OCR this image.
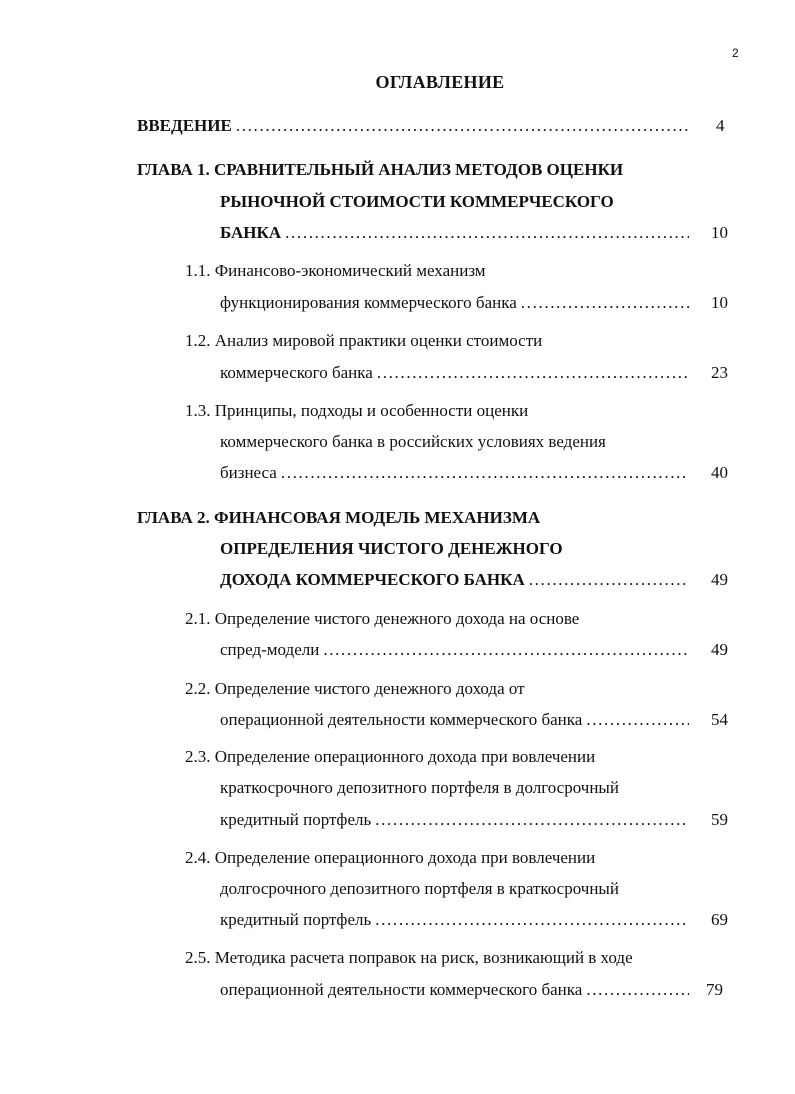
2
ОГЛАВЛЕНИЕ
ВВЕДЕНИЕ . . .	4
ГЛАВА 1. СРАВНИТЕЛЬНЫЙ АНАЛИЗ МЕТОДОВ ОЦЕНКИ
РЫНОЧНОЙ СТОИМОСТИ КОММЕРЧЕСКОГО
БАНКА . . .	10
1.1. Финансово-экономический механизм
функционирования коммерческого банка . . .	10
1.2. Анализ мировой практики оценки стоимости
коммерческого банка . . .	23
1.3. Принципы, подходы и особенности оценки
коммерческого банка в российских условиях ведения
бизнеса . . .	40
ГЛАВА 2. ФИНАНСОВАЯ МОДЕЛЬ МЕХАНИЗМА
ОПРЕДЕЛЕНИЯ ЧИСТОГО ДЕНЕЖНОГО
ДОХОДА КОММЕРЧЕСКОГО БАНКА . . .	49
2.1. Определение чистого денежного дохода на основе
спред-модели . . .	49
2.2. Определение чистого денежного дохода от
операционной деятельности коммерческого банка . . .	54
2.3. Определение операционного дохода при вовлечении
краткосрочного депозитного портфеля в долгосрочный
кредитный портфель . . .	59
2.4. Определение операционного дохода при вовлечении
долгосрочного депозитного портфеля в краткосрочный
кредитный портфель . . .	69
2.5. Методика расчета поправок на риск, возникающий в ходе
операционной деятельности коммерческого банка . . .	79
